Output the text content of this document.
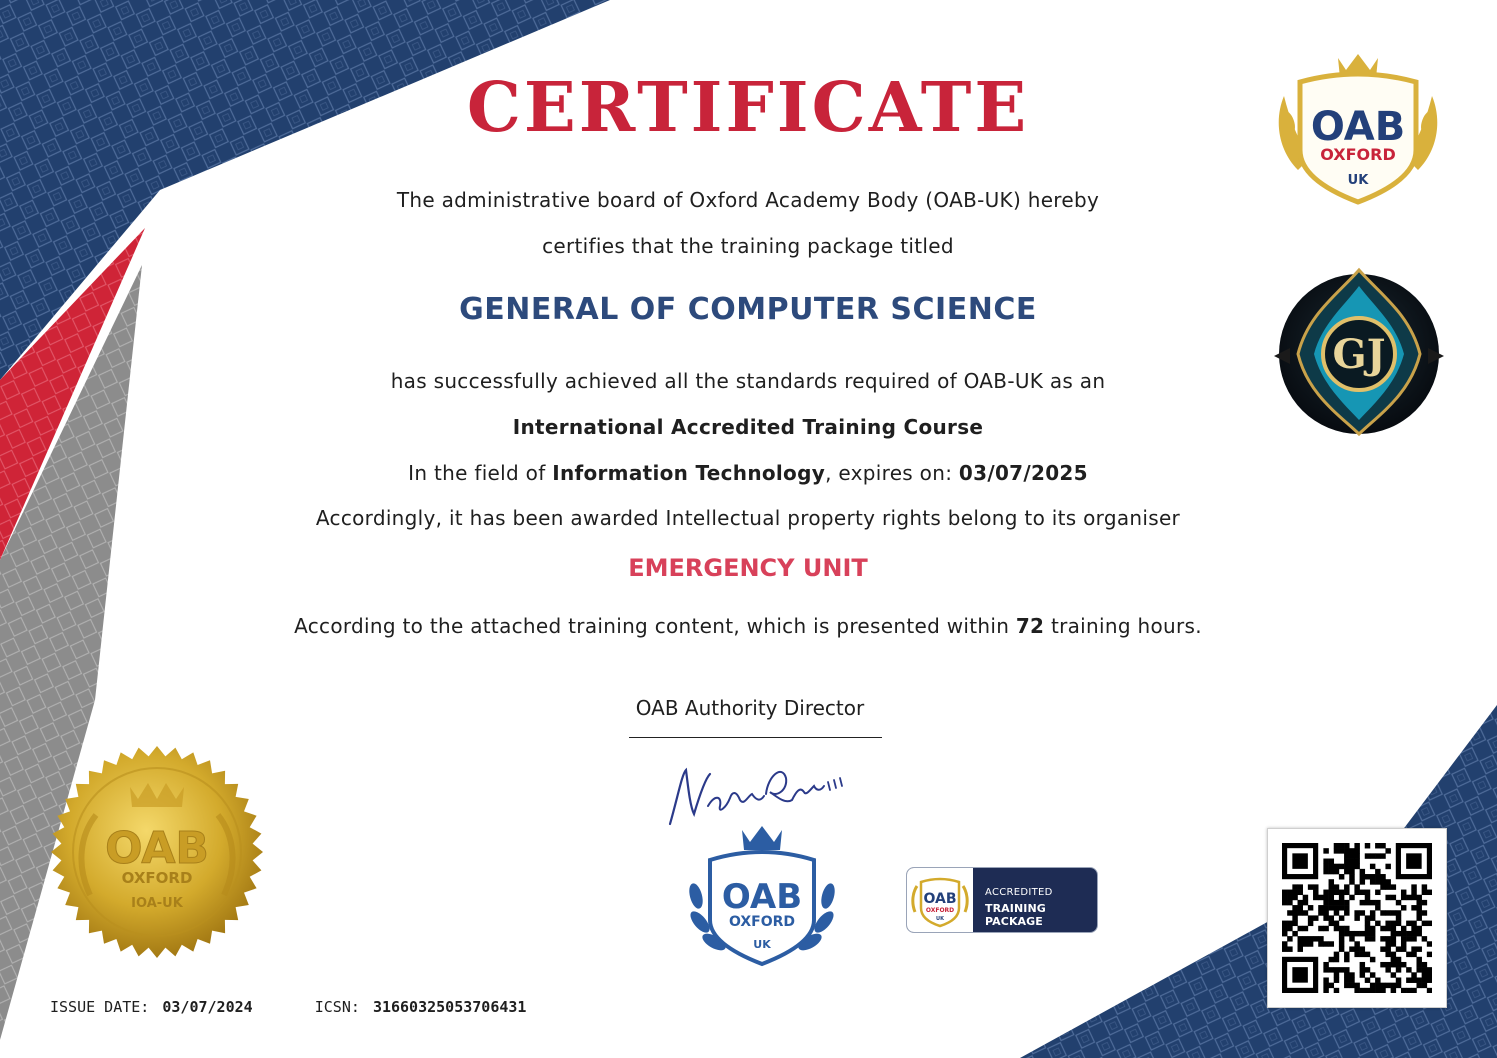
CERTIFICATE
The administrative board of Oxford Academy Body (OAB-UK) hereby
certifies that the training package titled
GENERAL OF COMPUTER SCIENCE
has successfully achieved all the standards required of OAB-UK as an
International Accredited Training Course
In the field of Information Technology, expires on: 03/07/2025
Accordingly, it has been awarded Intellectual property rights belong to its organiser
EMERGENCY UNIT
According to the attached training content, which is presented within 72 training hours.
OAB Authority Director
OAB
OXFORD
UK
GJ
OAB
OXFORD
IOA-UK	OAB
OXFORD
UK
OAB
OXFORD
UK
ACCREDITED
TRAINING PACKAGE
ISSUE DATE: 03/07/2024	ICSN: 31660325053706431
